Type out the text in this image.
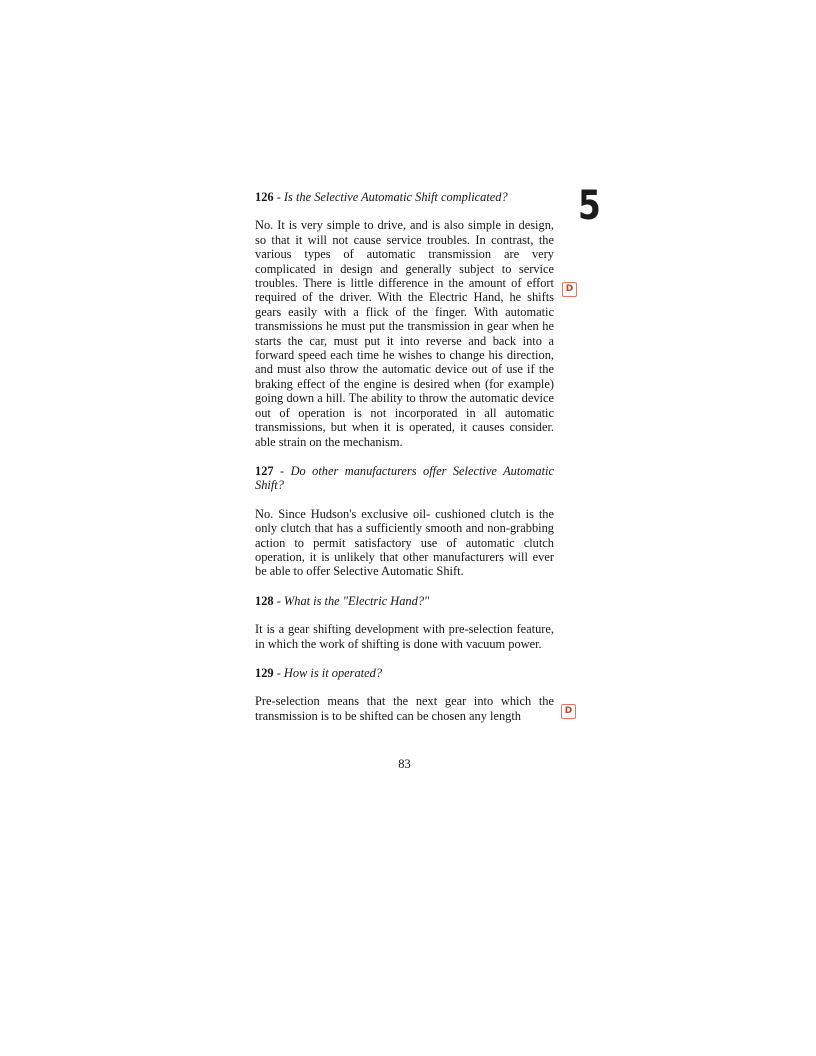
5
D
D

126 - Is the Selective Automatic Shift complicated?

No. It is very simple to drive, and is also simple in design, so that it will not cause service troubles. In contrast, the various types of automatic transmission are very complicated in design and generally subject to service troubles. There is little difference in the amount of effort required of the driver. With the Electric Hand, he shifts gears easily with a flick of the finger. With automatic transmissions he must put the transmission in gear when he starts the car, must put it into reverse and back into a forward speed each time he wishes to change his direction, and must also throw the automatic device out of use if the braking effect of the engine is desired when (for example) going down a hill. The ability to throw the automatic device out of operation is not incorporated in all automatic transmissions, but when it is operated, it causes consider. able strain on the mechanism.

127 - Do other manufacturers offer Selective Automatic Shift?

No. Since Hudson's exclusive oil- cushioned clutch is the only clutch that has a sufficiently smooth and non-grabbing action to permit satisfactory use of automatic clutch operation, it is unlikely that other manufacturers will ever be able to offer Selective Automatic Shift.

128 - What is the "Electric Hand?"

It is a gear shifting development with pre-selection feature, in which the work of shifting is done with vacuum power.

129 - How is it operated?

Pre-selection means that the next gear into which the transmission is to be shifted can be chosen any length

83
